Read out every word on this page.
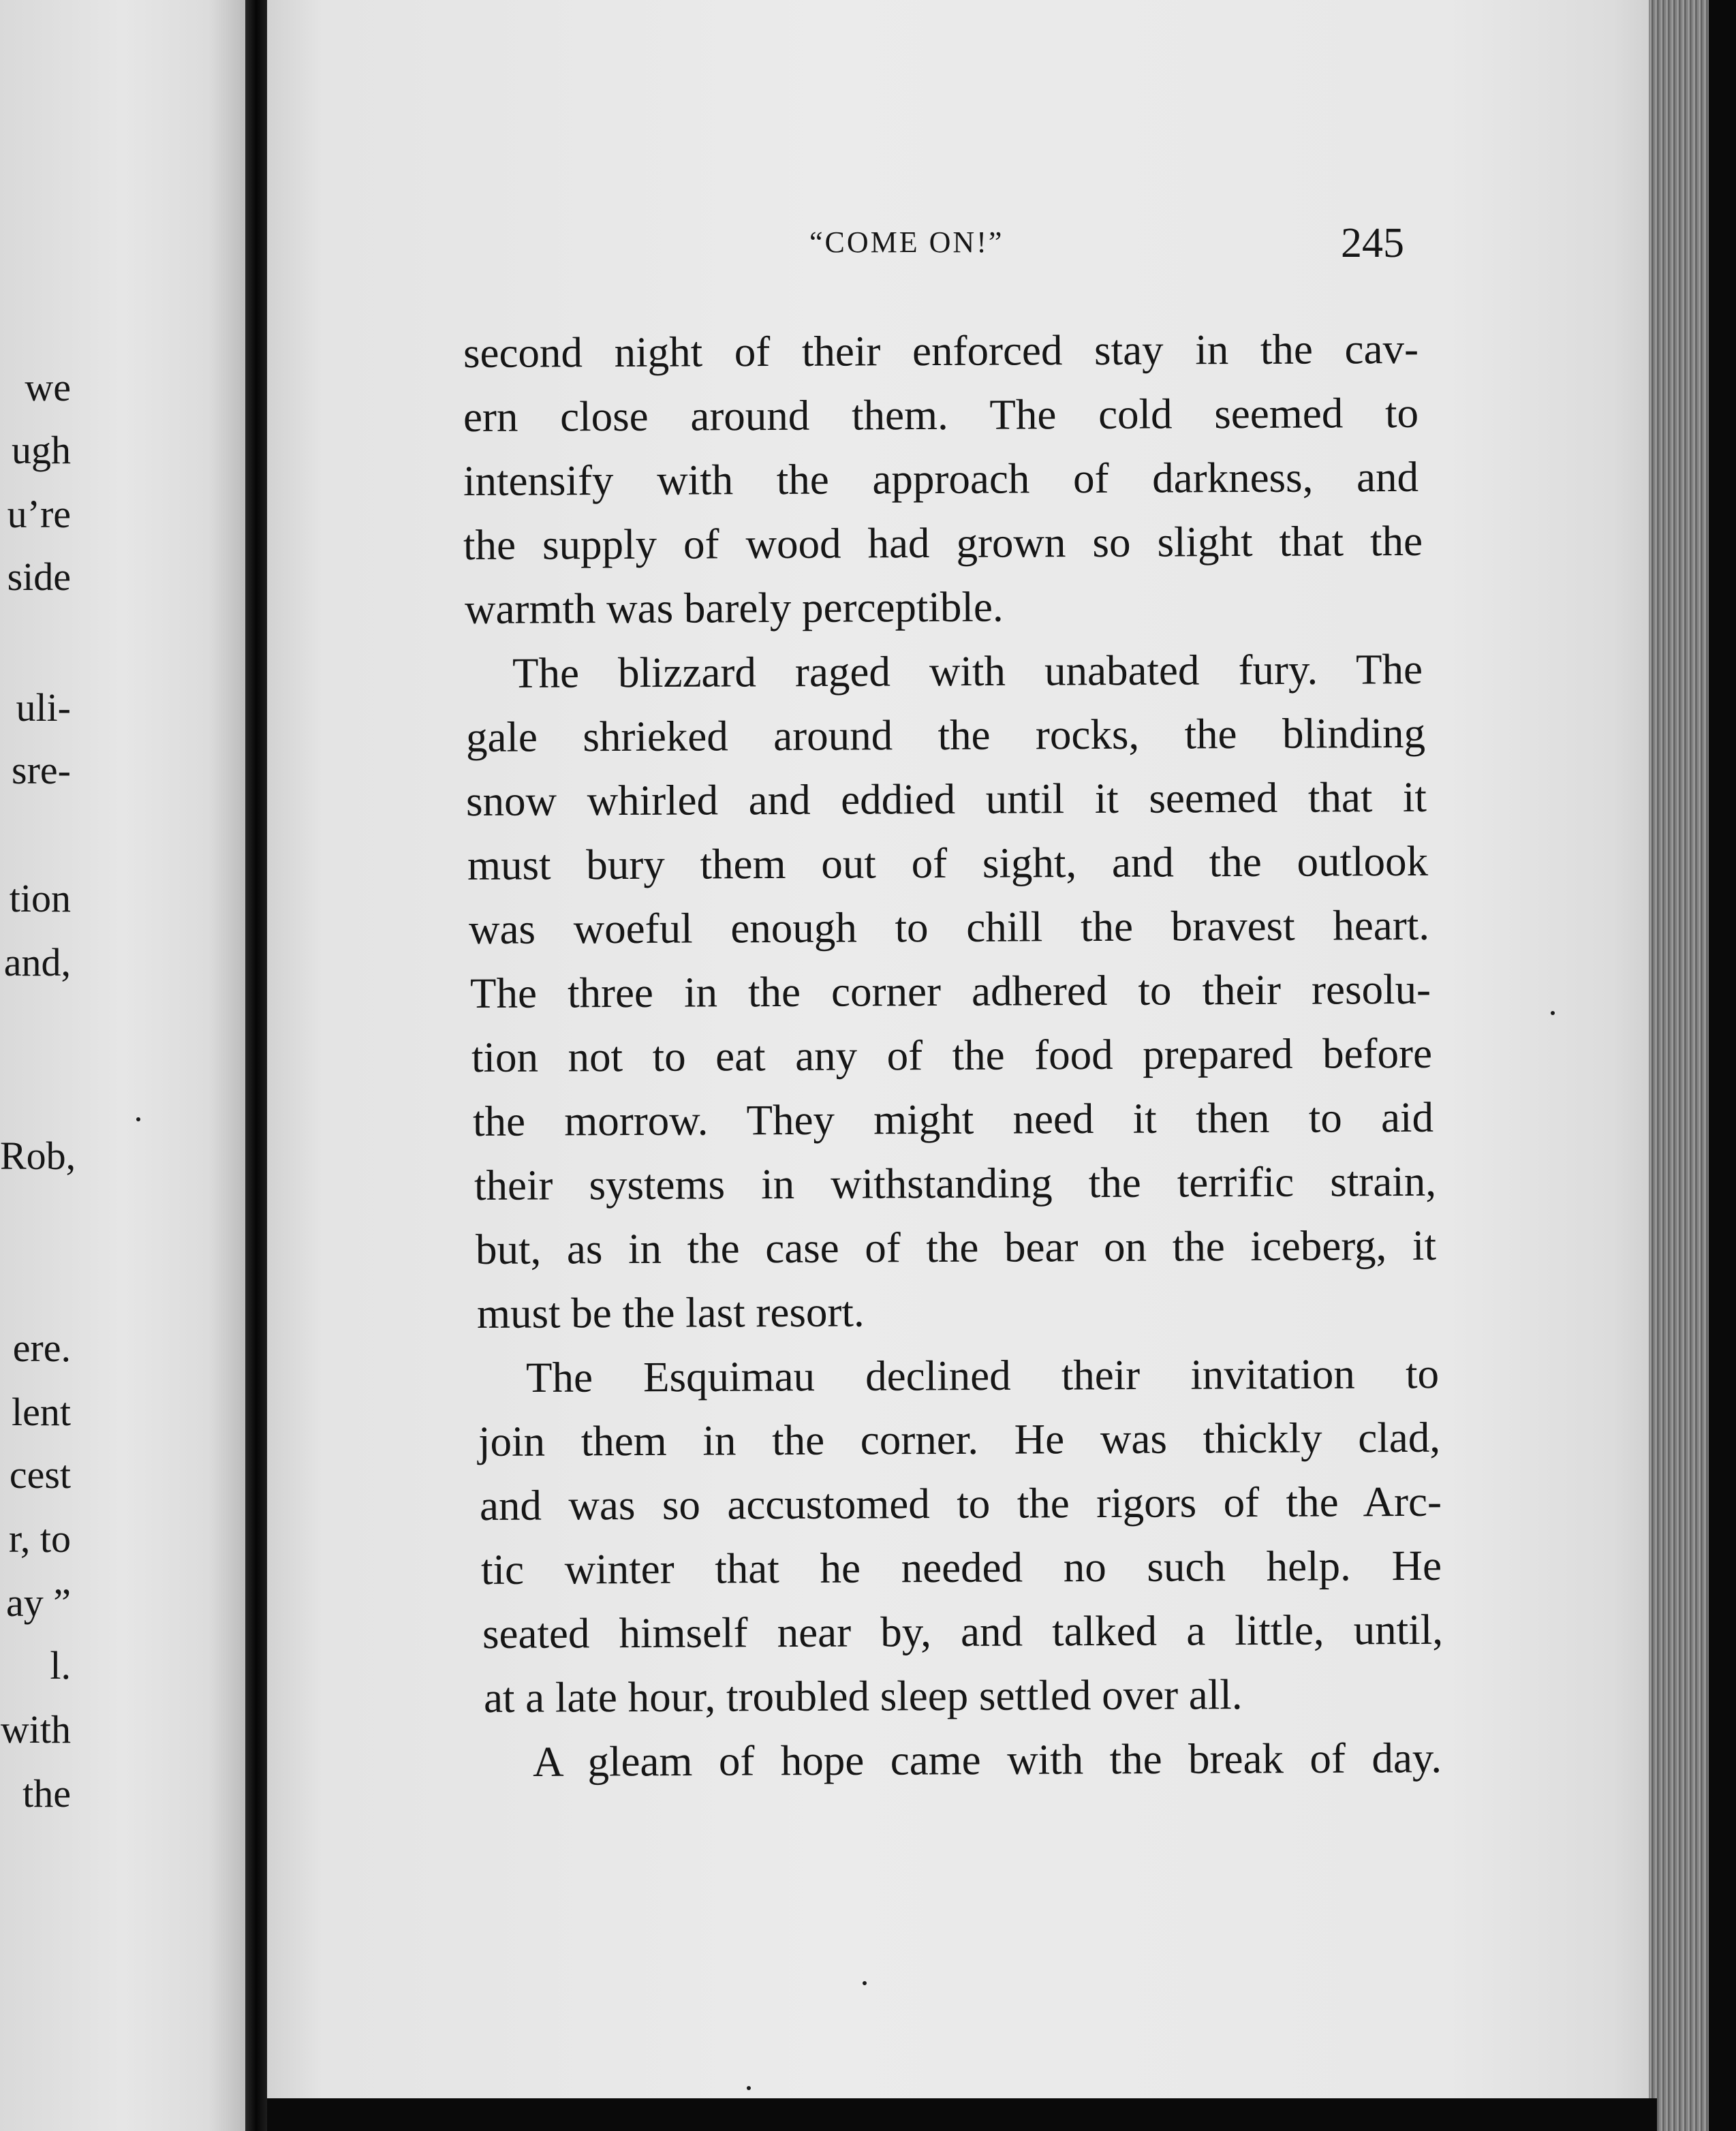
we
ugh
u’re
side
uli-
sre-
tion
and,
Rob,
ere.
lent
cest
r, to
ay ”
l.
with
the
“COME ON!”	245
second night of their enforced stay in the cav-
ern close around them. The cold seemed to
intensify with the approach of darkness, and
the supply of wood had grown so slight that the
warmth was barely perceptible.
The blizzard raged with unabated fury. The
gale shrieked around the rocks, the blinding
snow whirled and eddied until it seemed that it
must bury them out of sight, and the outlook
was woeful enough to chill the bravest heart.
The three in the corner adhered to their resolu-
tion not to eat any of the food prepared before
the morrow. They might need it then to aid
their systems in withstanding the terrific strain,
but, as in the case of the bear on the iceberg, it
must be the last resort.
The Esquimau declined their invitation to
join them in the corner. He was thickly clad,
and was so accustomed to the rigors of the Arc-
tic winter that he needed no such help. He
seated himself near by, and talked a little, until,
at a late hour, troubled sleep settled over all.
A gleam of hope came with the break of day.
